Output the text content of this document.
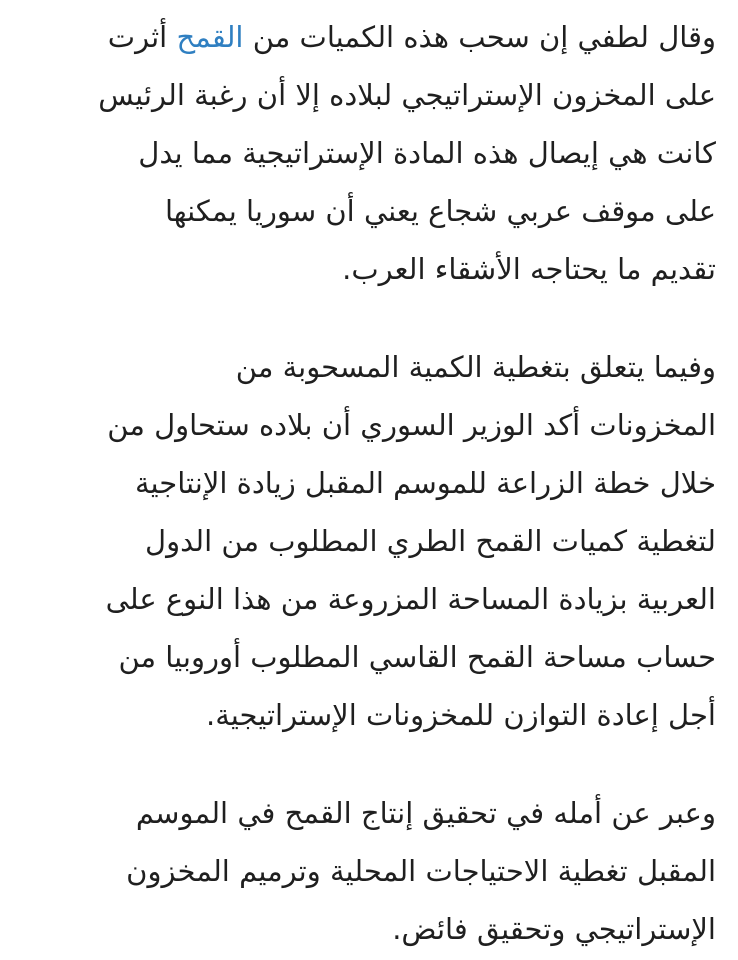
وقال لطفي إن سحب هذه الكميات من القمح أثرت
على المخزون الإستراتيجي لبلاده إلا أن رغبة الرئيس
كانت هي إيصال هذه المادة الإستراتيجية مما يدل
على موقف عربي شجاع يعني أن سوريا يمكنها
تقديم ما يحتاجه الأشقاء العرب.

وفيما يتعلق بتغطية الكمية المسحوبة من
المخزونات أكد الوزير السوري أن بلاده ستحاول من
خلال خطة الزراعة للموسم المقبل زيادة الإنتاجية
لتغطية كميات القمح الطري المطلوب من الدول
العربية بزيادة المساحة المزروعة من هذا النوع على
حساب مساحة القمح القاسي المطلوب أوروبيا من
أجل إعادة التوازن للمخزونات الإستراتيجية.

وعبر عن أمله في تحقيق إنتاج القمح في الموسم
المقبل تغطية الاحتياجات المحلية وترميم المخزون
الإستراتيجي وتحقيق فائض.
